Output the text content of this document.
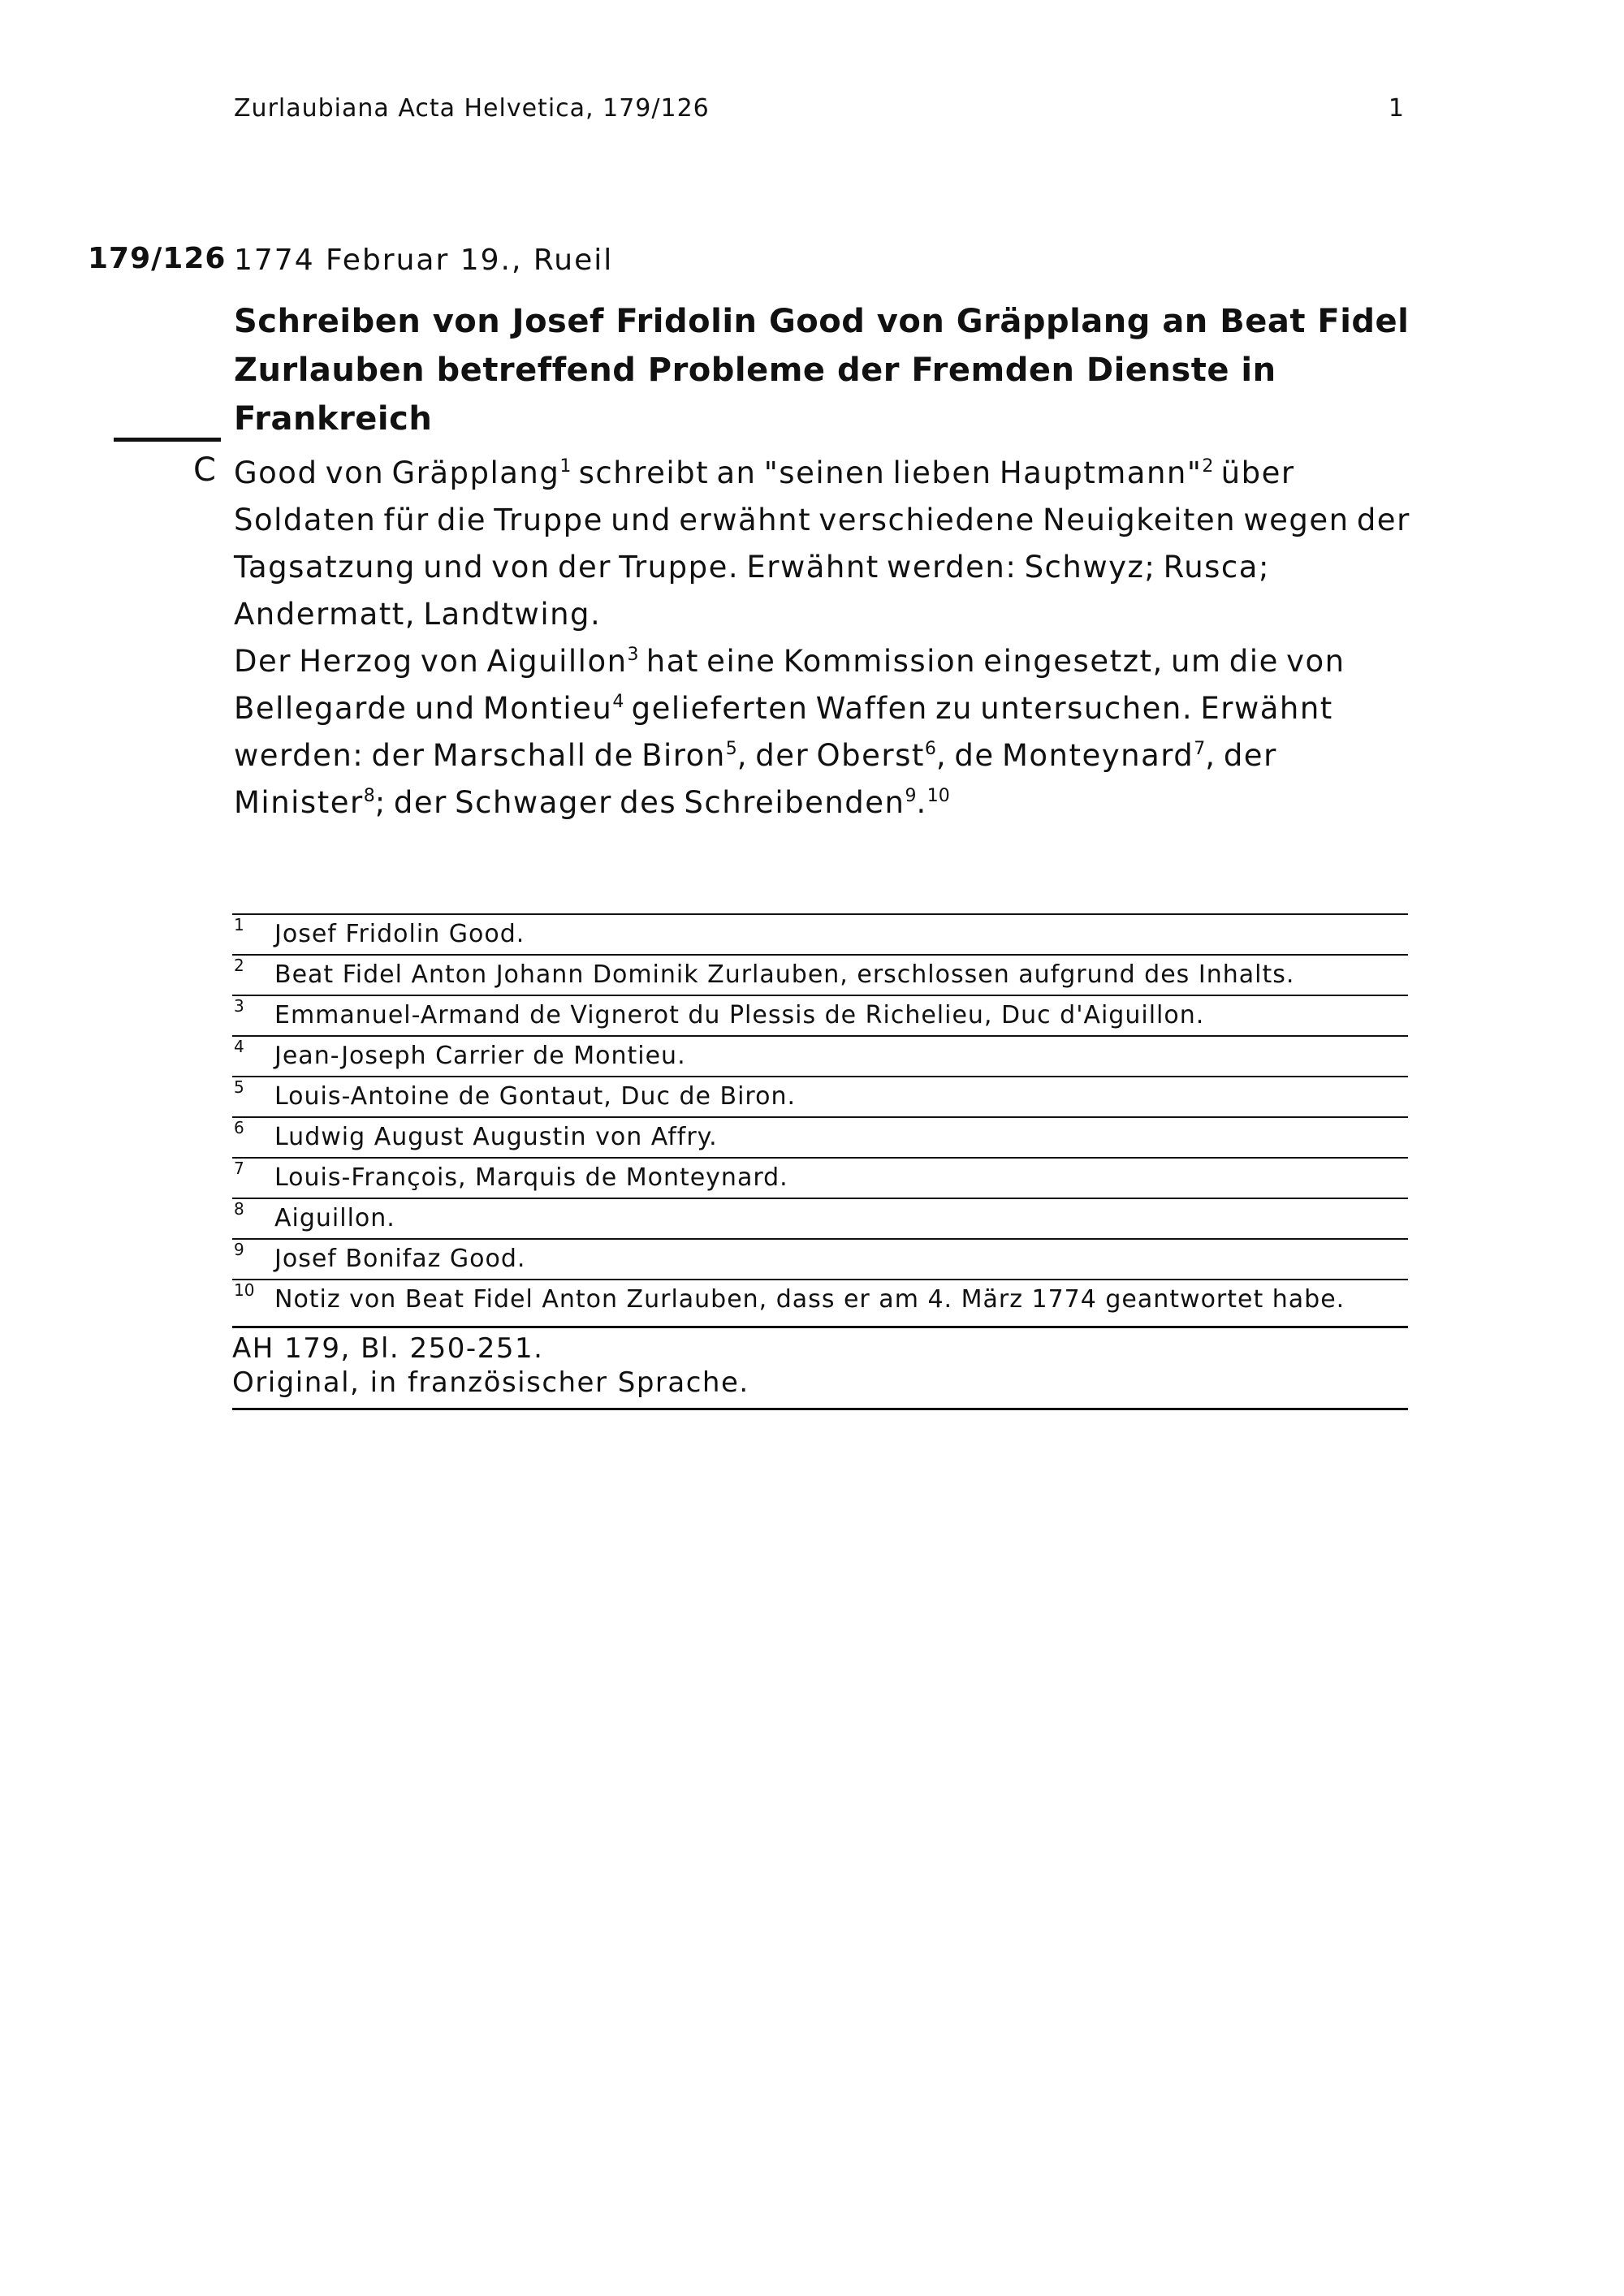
Zurlaubiana Acta Helvetica, 179/126	1
179/126 1774 Februar 19., Rueil
Schreiben von Josef Fridolin Good von Gräpplang an Beat Fidel
Zurlauben betreffend Probleme der Fremden Dienste in Frankreich
C Good von Gräpplang$^1$ schreibt an "seinen lieben Hauptmann"$^2$ über Soldaten für die Truppe und erwähnt verschiedene Neuigkeiten wegen der Tagsatzung und von der Truppe. Erwähnt werden: Schwyz; Rusca; Andermatt, Landtwing.
Der Herzog von Aiguillon$^3$ hat eine Kommission eingesetzt, um die von Bellegarde und Montieu$^4$ gelieferten Waffen zu untersuchen. Erwähnt werden: der Marschall de Biron$^5$, der Oberst$^6$, de Monteynard$^7$, der Minister$^8$; der Schwager des Schreibenden$^9$.$^{10}$
1 Josef Fridolin Good.
2 Beat Fidel Anton Johann Dominik Zurlauben, erschlossen aufgrund des Inhalts.
3 Emmanuel-Armand de Vignerot du Plessis de Richelieu, Duc d'Aiguillon.
4 Jean-Joseph Carrier de Montieu.
5 Louis-Antoine de Gontaut, Duc de Biron.
6 Ludwig August Augustin von Affry.
7 Louis-François, Marquis de Monteynard.
8 Aiguillon.
9 Josef Bonifaz Good.
10 Notiz von Beat Fidel Anton Zurlauben, dass er am 4. März 1774 geantwortet habe.
AH 179, Bl. 250-251.
Original, in französischer Sprache.
